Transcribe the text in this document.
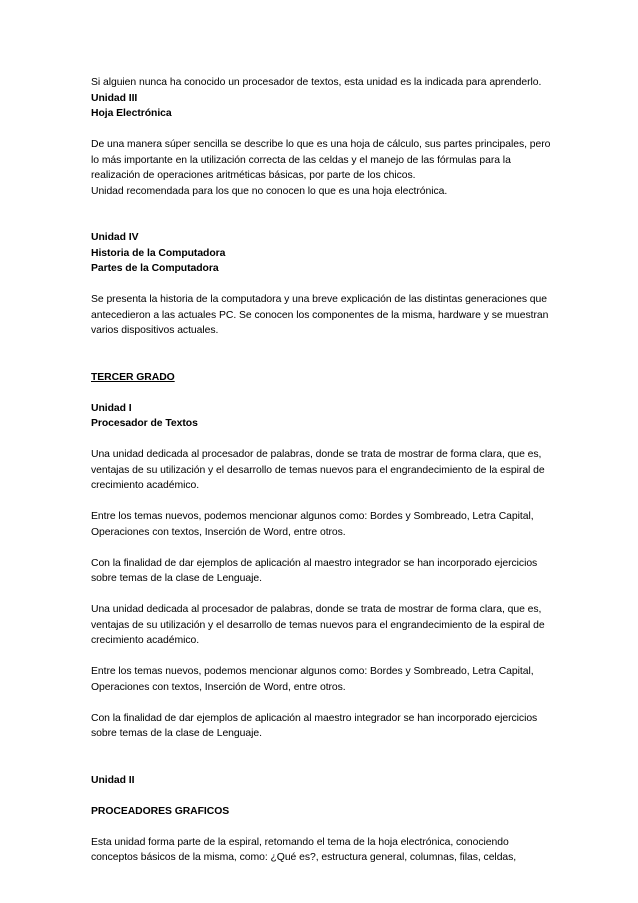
Si alguien nunca ha conocido un procesador de textos, esta unidad es la indicada para aprenderlo.

Unidad III

Hoja Electrónica

De una manera súper sencilla se describe lo que es una hoja de cálculo, sus partes principales, pero lo más importante en la utilización correcta de las celdas y el manejo de las fórmulas para la realización de operaciones aritméticas básicas, por parte de los chicos.

Unidad recomendada para los que no conocen lo que es una hoja electrónica.

Unidad IV

Historia de la Computadora

Partes de la Computadora

Se presenta la historia de la computadora y una breve explicación de las distintas generaciones que antecedieron a las actuales PC. Se conocen los componentes de la misma, hardware y se muestran varios dispositivos actuales.

TERCER GRADO

Unidad I

Procesador de Textos

Una unidad dedicada al procesador de palabras, donde se trata de mostrar de forma clara, que es, ventajas de su utilización y el desarrollo de temas nuevos para el engrandecimiento de la espiral de crecimiento académico.

Entre los temas nuevos, podemos mencionar algunos como: Bordes y Sombreado, Letra Capital, Operaciones con textos, Inserción de Word, entre otros.

Con la finalidad de dar ejemplos de aplicación al maestro integrador se han incorporado ejercicios sobre temas de la clase de Lenguaje.

Una unidad dedicada al procesador de palabras, donde se trata de mostrar de forma clara, que es, ventajas de su utilización y el desarrollo de temas nuevos para el engrandecimiento de la espiral de crecimiento académico.

Entre los temas nuevos, podemos mencionar algunos como: Bordes y Sombreado, Letra Capital, Operaciones con textos, Inserción de Word, entre otros.

Con la finalidad de dar ejemplos de aplicación al maestro integrador se han incorporado ejercicios sobre temas de la clase de Lenguaje.

Unidad II

PROCEADORES GRAFICOS

Esta unidad forma parte de la espiral, retomando el tema de la hoja electrónica, conociendo conceptos básicos de la misma, como: ¿Qué es?, estructura general, columnas, filas, celdas,
